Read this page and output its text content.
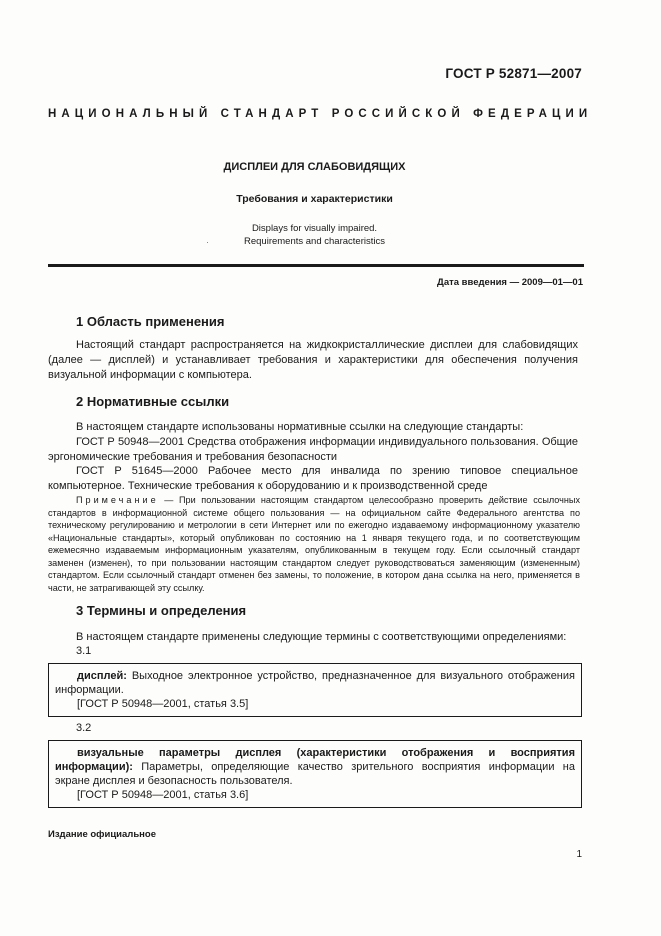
ГОСТ Р 52871—2007
НАЦИОНАЛЬНЫЙ СТАНДАРТ РОССИЙСКОЙ ФЕДЕРАЦИИ
ДИСПЛЕИ ДЛЯ СЛАБОВИДЯЩИХ
Требования и характеристики
Displays for visually impaired.
Requirements and characteristics
Дата введения — 2009—01—01
1 Область применения

Настоящий стандарт распространяется на жидкокристаллические дисплеи для слабовидящих (далее — дисплей) и устанавливает требования и характеристики для обеспечения получения визуальной информации с компьютера.

2 Нормативные ссылки

В настоящем стандарте использованы нормативные ссылки на следующие стандарты:

ГОСТ Р 50948—2001 Средства отображения информации индивидуального пользования. Общие эргономические требования и требования безопасности

ГОСТ Р 51645—2000 Рабочее место для инвалида по зрению типовое специальное компьютерное. Технические требования к оборудованию и к производственной среде

Примечание — При пользовании настоящим стандартом целесообразно проверить действие ссылочных стандартов в информационной системе общего пользования — на официальном сайте Федерального агентства по техническому регулированию и метрологии в сети Интернет или по ежегодно издаваемому информационному указателю «Национальные стандарты», который опубликован по состоянию на 1 января текущего года, и по соответствующим ежемесячно издаваемым информационным указателям, опубликованным в текущем году. Если ссылочный стандарт заменен (изменен), то при пользовании настоящим стандартом следует руководствоваться заменяющим (измененным) стандартом. Если ссылочный стандарт отменен без замены, то положение, в котором дана ссылка на него, применяется в части, не затрагивающей эту ссылку.

3 Термины и определения

В настоящем стандарте применены следующие термины с соответствующими определениями:

3.1

дисплей: Выходное электронное устройство, предназначенное для визуального отображения информации.

[ГОСТ Р 50948—2001, статья 3.5]

3.2

визуальные параметры дисплея (характеристики отображения и восприятия информации): Параметры, определяющие качество зрительного восприятия информации на экране дисплея и безопасность пользователя.

[ГОСТ Р 50948—2001, статья 3.6]

Издание официальное
1
